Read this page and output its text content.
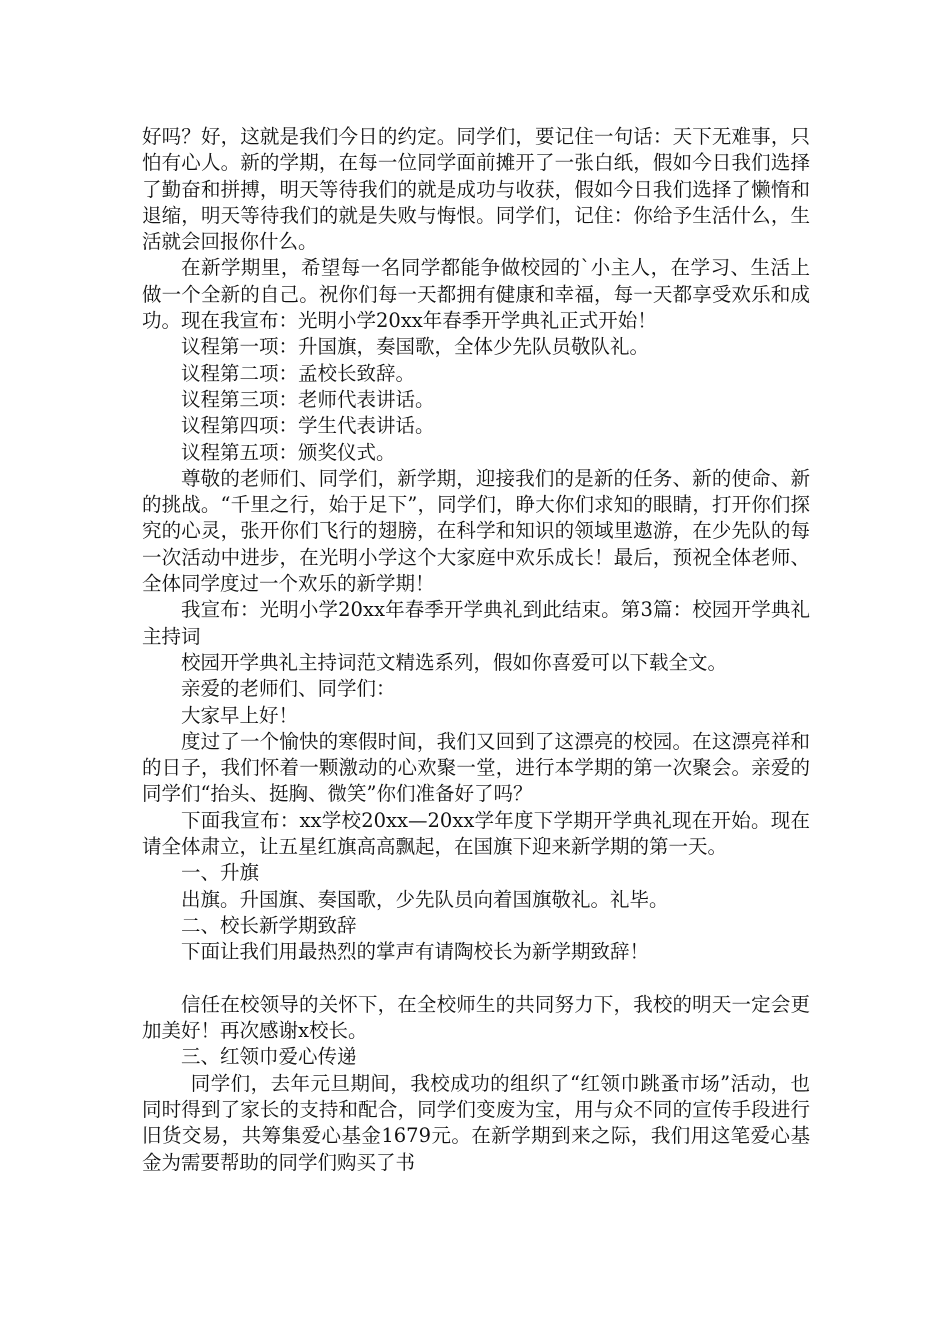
好吗？好，这就是我们今日的约定。同学们，要记住一句话：天下无难事，只怕有心人。新的学期，在每一位同学面前摊开了一张白纸，假如今日我们选择了勤奋和拼搏，明天等待我们的就是成功与收获，假如今日我们选择了懒惰和退缩，明天等待我们的就是失败与悔恨。同学们，记住：你给予生活什么，生活就会回报你什么。

在新学期里，希望每一名同学都能争做校园的`小主人，在学习、生活上做一个全新的自己。祝你们每一天都拥有健康和幸福，每一天都享受欢乐和成功。现在我宣布：光明小学20xx年春季开学典礼正式开始！

议程第一项：升国旗，奏国歌，全体少先队员敬队礼。

议程第二项：孟校长致辞。

议程第三项：老师代表讲话。

议程第四项：学生代表讲话。

议程第五项：颁奖仪式。

尊敬的老师们、同学们，新学期，迎接我们的是新的任务、新的使命、新的挑战。“千里之行，始于足下”，同学们，睁大你们求知的眼睛，打开你们探究的心灵，张开你们飞行的翅膀，在科学和知识的领域里遨游，在少先队的每一次活动中进步，在光明小学这个大家庭中欢乐成长！最后，预祝全体老师、全体同学度过一个欢乐的新学期！

我宣布：光明小学20xx年春季开学典礼到此结束。第3篇：校园开学典礼主持词

校园开学典礼主持词范文精选系列，假如你喜爱可以下载全文。

亲爱的老师们、同学们：

大家早上好！

度过了一个愉快的寒假时间，我们又回到了这漂亮的校园。在这漂亮祥和的日子，我们怀着一颗激动的心欢聚一堂，进行本学期的第一次聚会。亲爱的同学们“抬头、挺胸、微笑”你们准备好了吗？

下面我宣布：xx学校20xx—20xx学年度下学期开学典礼现在开始。现在请全体肃立，让五星红旗高高飘起，在国旗下迎来新学期的第一天。

一、升旗

出旗。升国旗、奏国歌，少先队员向着国旗敬礼。礼毕。

二、校长新学期致辞

下面让我们用最热烈的掌声有请陶校长为新学期致辞！

信任在校领导的关怀下，在全校师生的共同努力下，我校的明天一定会更加美好！再次感谢x校长。

三、红领巾爱心传递

同学们，去年元旦期间，我校成功的组织了“红领巾跳蚤市场”活动，也同时得到了家长的支持和配合，同学们变废为宝，用与众不同的宣传手段进行旧货交易，共筹集爱心基金1679元。在新学期到来之际，我们用这笔爱心基金为需要帮助的同学们购买了书
